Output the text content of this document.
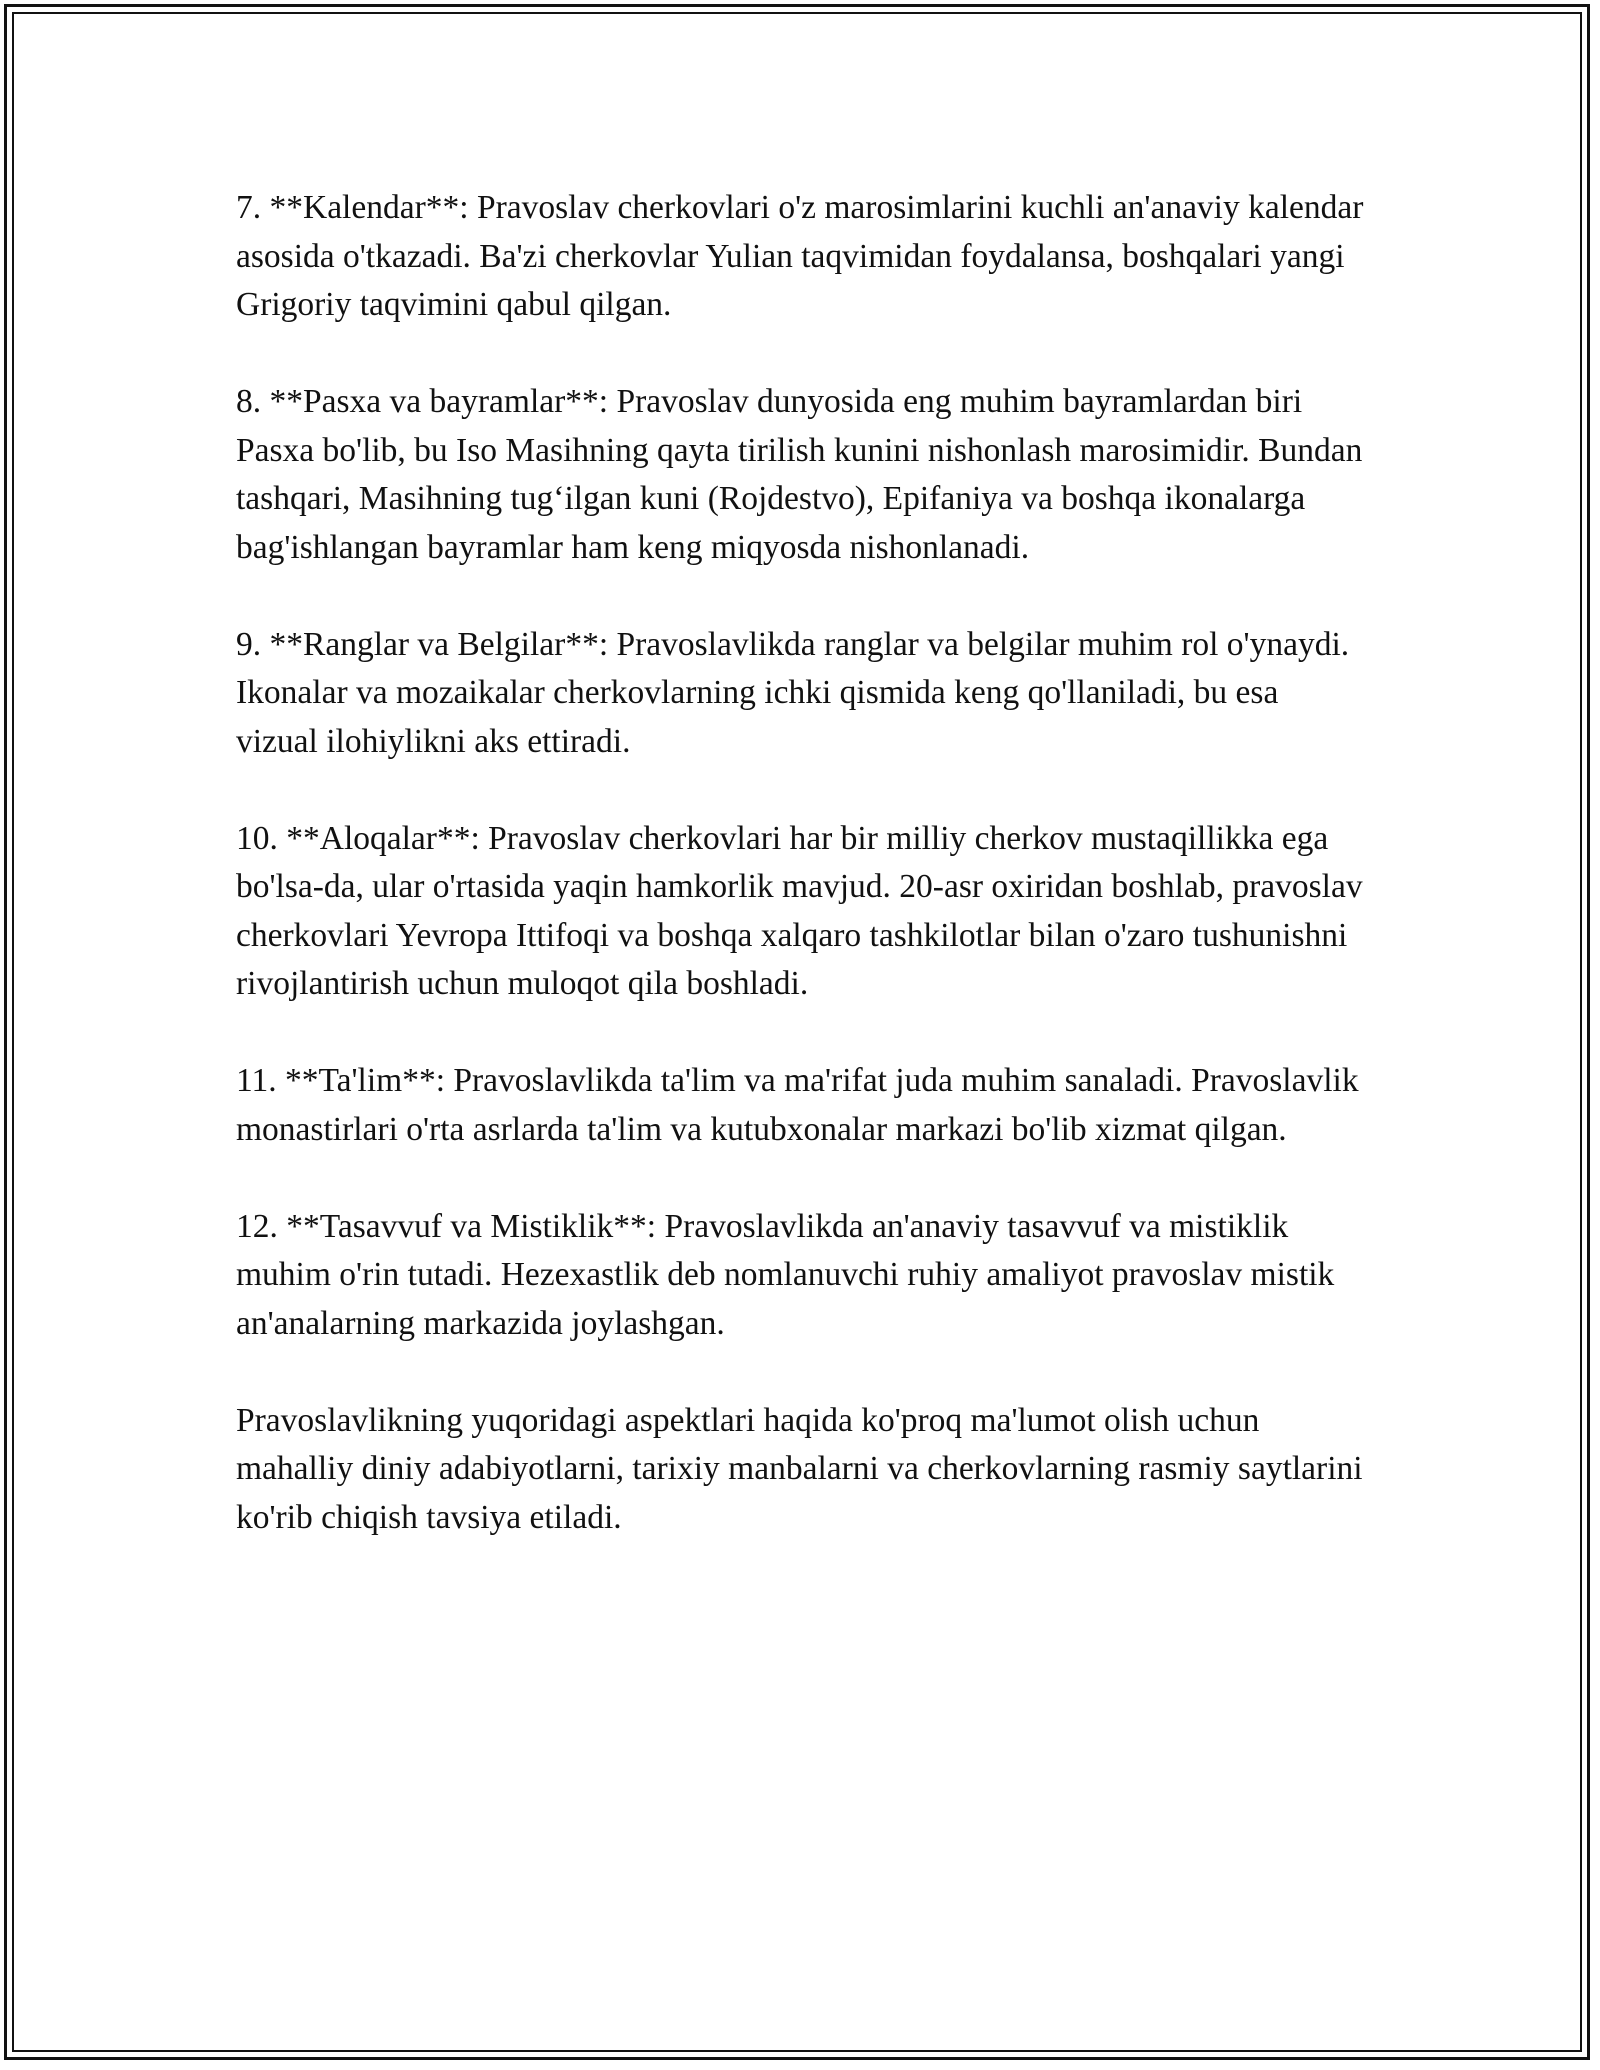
7. **Kalendar**: Pravoslav cherkovlari o'z marosimlarini kuchli an'anaviy kalendar asosida o'tkazadi. Ba'zi cherkovlar Yulian taqvimidan foydalansa, boshqalari yangi Grigoriy taqvimini qabul qilgan.

8. **Pasxa va bayramlar**: Pravoslav dunyosida eng muhim bayramlardan biri Pasxa bo'lib, bu Iso Masihning qayta tirilish kunini nishonlash marosimidir. Bundan tashqari, Masihning tug‘ilgan kuni (Rojdestvo), Epifaniya va boshqa ikonalarga bag'ishlangan bayramlar ham keng miqyosda nishonlanadi.

9. **Ranglar va Belgilar**: Pravoslavlikda ranglar va belgilar muhim rol o'ynaydi. Ikonalar va mozaikalar cherkovlarning ichki qismida keng qo'llaniladi, bu esa vizual ilohiylikni aks ettiradi.

10. **Aloqalar**: Pravoslav cherkovlari har bir milliy cherkov mustaqillikka ega bo'lsa-da, ular o'rtasida yaqin hamkorlik mavjud. 20-asr oxiridan boshlab, pravoslav cherkovlari Yevropa Ittifoqi va boshqa xalqaro tashkilotlar bilan o'zaro tushunishni rivojlantirish uchun muloqot qila boshladi.

11. **Ta'lim**: Pravoslavlikda ta'lim va ma'rifat juda muhim sanaladi. Pravoslavlik monastirlari o'rta asrlarda ta'lim va kutubxonalar markazi bo'lib xizmat qilgan.

12. **Tasavvuf va Mistiklik**: Pravoslavlikda an'anaviy tasavvuf va mistiklik muhim o'rin tutadi. Hezexastlik deb nomlanuvchi ruhiy amaliyot pravoslav mistik an'analarning markazida joylashgan.

Pravoslavlikning yuqoridagi aspektlari haqida ko'proq ma'lumot olish uchun mahalliy diniy adabiyotlarni, tarixiy manbalarni va cherkovlarning rasmiy saytlarini ko'rib chiqish tavsiya etiladi.
